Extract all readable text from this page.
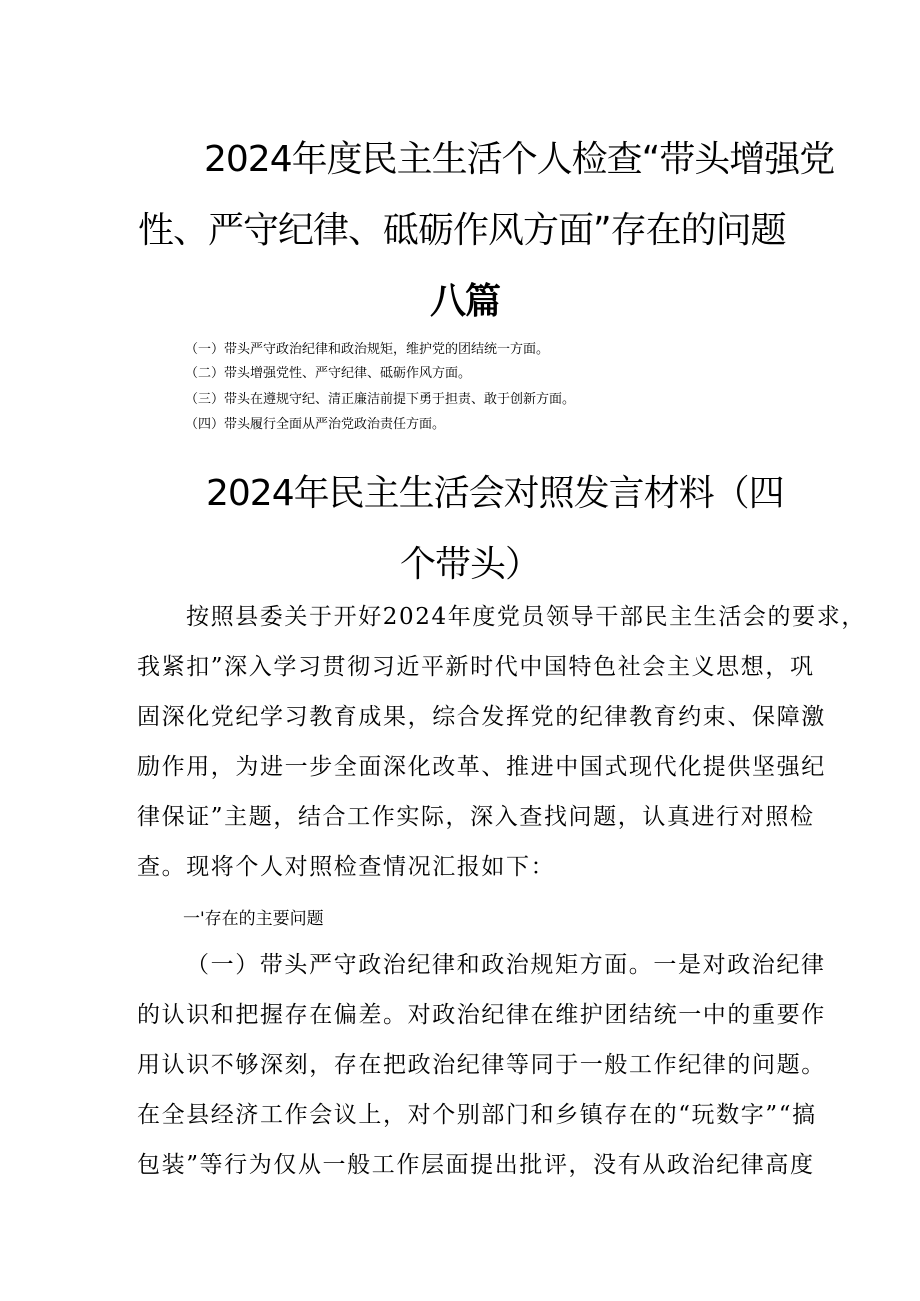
2024年度民主生活个人检查“带头增强党
性、严守纪律、砥砺作风方面”存在的问题
八篇
（一）带头严守政治纪律和政治规矩，维护党的团结统一方面。
（二）带头增强党性、严守纪律、砥砺作风方面。
（三）带头在遵规守纪、清正廉洁前提下勇于担责、敢于创新方面。
（四）带头履行全面从严治党政治责任方面。
2024年民主生活会对照发言材料（四
个带头）
按照县委关于开好2024年度党员领导干部民主生活会的要求，
我紧扣”深入学习贯彻习近平新时代中国特色社会主义思想，巩
固深化党纪学习教育成果，综合发挥党的纪律教育约束、保障激
励作用，为进一步全面深化改革、推进中国式现代化提供坚强纪
律保证”主题，结合工作实际，深入查找问题，认真进行对照检
查。现将个人对照检查情况汇报如下：
一'存在的主要问题
（一）带头严守政治纪律和政治规矩方面。一是对政治纪律
的认识和把握存在偏差。对政治纪律在维护团结统一中的重要作
用认识不够深刻，存在把政治纪律等同于一般工作纪律的问题。
在全县经济工作会议上，对个别部门和乡镇存在的“玩数字”“搞
包装”等行为仅从一般工作层面提出批评，没有从政治纪律高度
